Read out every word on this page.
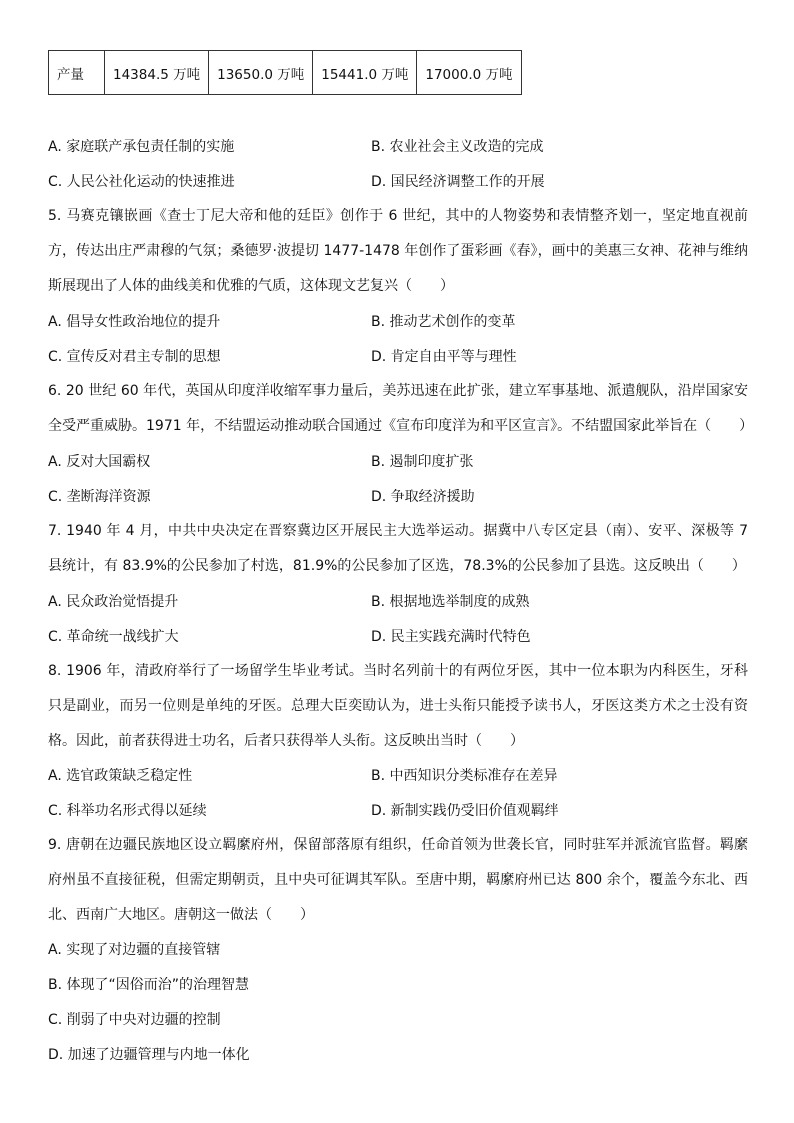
产量	14384.5 万吨	13650.0 万吨	15441.0 万吨	17000.0 万吨
A. 家庭联产承包责任制的实施	B. 农业社会主义改造的完成
C. 人民公社化运动的快速推进	D. 国民经济调整工作的开展
5. 马赛克镶嵌画《查士丁尼大帝和他的廷臣》创作于 6 世纪，其中的人物姿势和表情整齐划一，坚定地直视前方，传达出庄严肃穆的气氛；桑德罗·波提切 1477-1478 年创作了蛋彩画《春》，画中的美惠三女神、花神与维纳斯展现出了人体的曲线美和优雅的气质，这体现文艺复兴（　　）
A. 倡导女性政治地位的提升	B. 推动艺术创作的变革
C. 宣传反对君主专制的思想	D. 肯定自由平等与理性
6. 20 世纪 60 年代，英国从印度洋收缩军事力量后，美苏迅速在此扩张，建立军事基地、派遣舰队，沿岸国家安全受严重威胁。1971 年，不结盟运动推动联合国通过《宣布印度洋为和平区宣言》。不结盟国家此举旨在（　　）
A. 反对大国霸权	B. 遏制印度扩张
C. 垄断海洋资源	D. 争取经济援助
7. 1940 年 4 月，中共中央决定在晋察冀边区开展民主大选举运动。据冀中八专区定县（南）、安平、深极等 7 县统计，有 83.9%的公民参加了村选，81.9%的公民参加了区选，78.3%的公民参加了县选。这反映出（　　）
A. 民众政治觉悟提升	B. 根据地选举制度的成熟
C. 革命统一战线扩大	D. 民主实践充满时代特色
8. 1906 年，清政府举行了一场留学生毕业考试。当时名列前十的有两位牙医，其中一位本职为内科医生，牙科只是副业，而另一位则是单纯的牙医。总理大臣奕劻认为，进士头衔只能授予读书人，牙医这类方术之士没有资格。因此，前者获得进士功名，后者只获得举人头衔。这反映出当时（　　）
A. 选官政策缺乏稳定性	B. 中西知识分类标准存在差异
C. 科举功名形式得以延续	D. 新制实践仍受旧价值观羁绊
9. 唐朝在边疆民族地区设立羁縻府州，保留部落原有组织，任命首领为世袭长官，同时驻军并派流官监督。羁縻府州虽不直接征税，但需定期朝贡，且中央可征调其军队。至唐中期，羁縻府州已达 800 余个，覆盖今东北、西北、西南广大地区。唐朝这一做法（　　）
A. 实现了对边疆的直接管辖
B. 体现了“因俗而治”的治理智慧
C. 削弱了中央对边疆的控制
D. 加速了边疆管理与内地一体化
